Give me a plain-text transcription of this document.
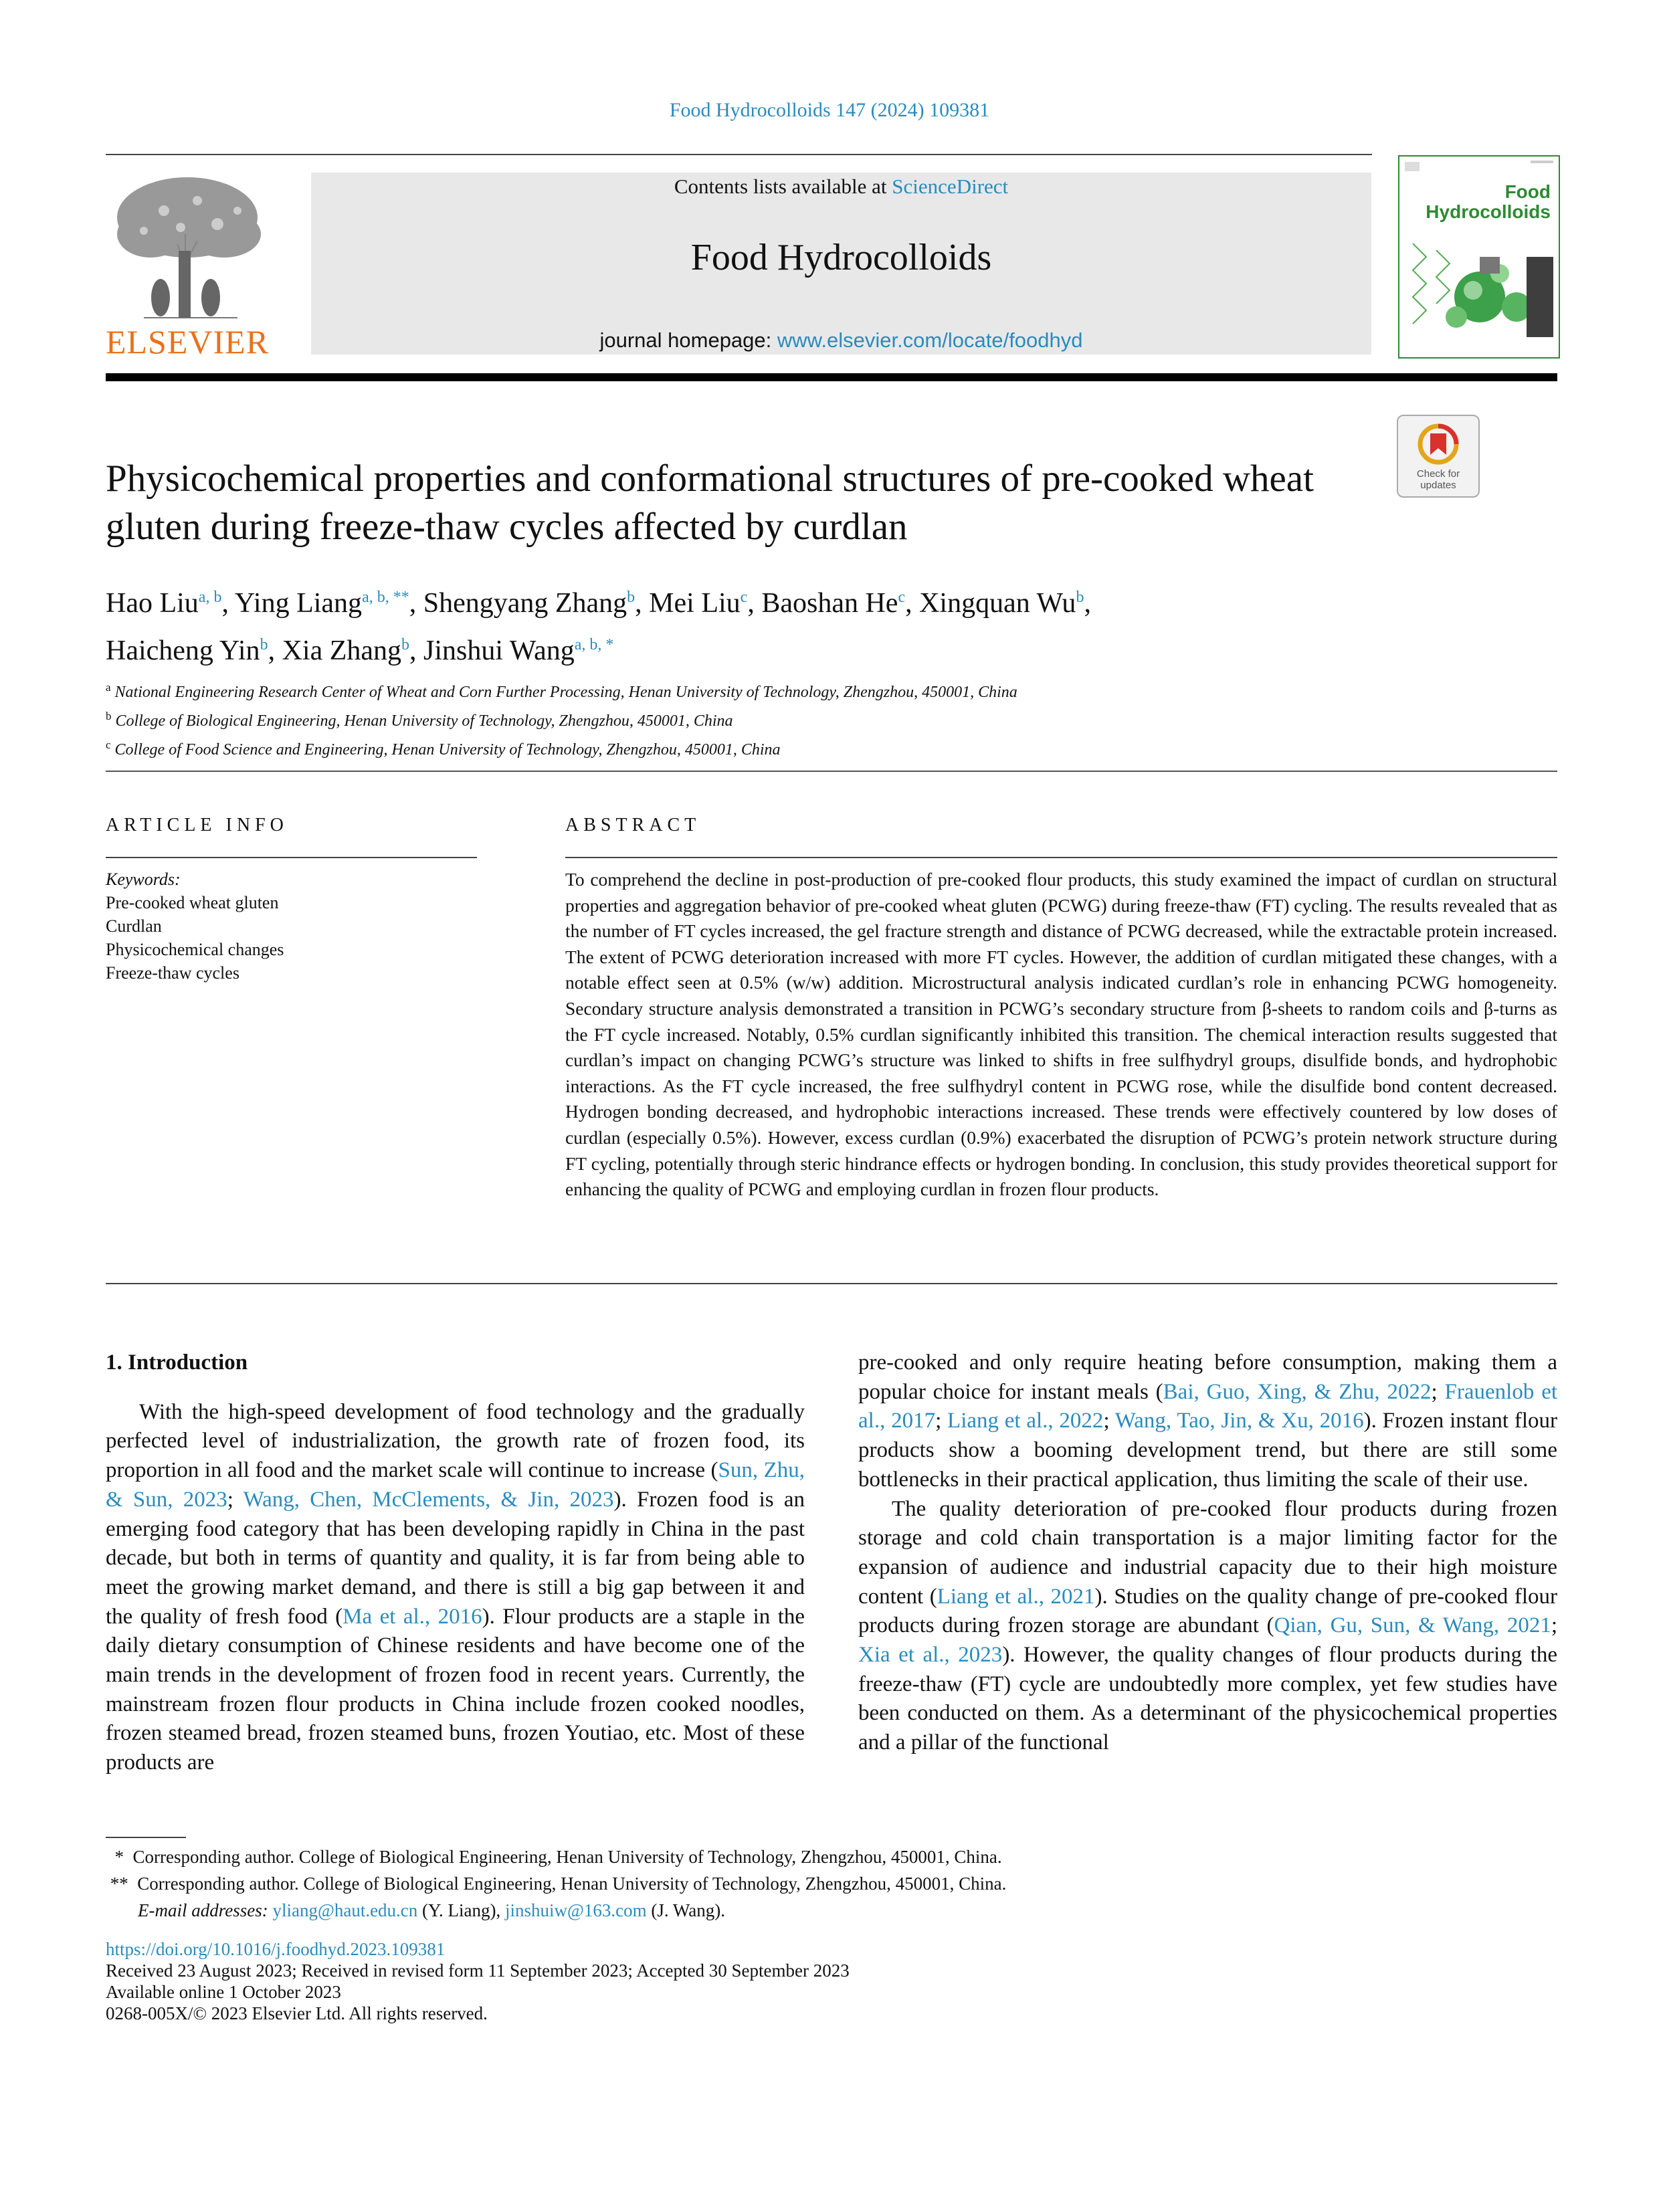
Food Hydrocolloids 147 (2024) 109381
ELSEVIER
Contents lists available at ScienceDirect
Food Hydrocolloids
journal homepage: www.elsevier.com/locate/foodhyd
Food
Hydrocolloids
Check for
updates
Physicochemical properties and conformational structures of pre-cooked wheat gluten during freeze-thaw cycles affected by curdlan
Hao Liu$^{a, b}$, Ying Liang$^{a, b, **}$, Shengyang Zhang$^b$, Mei Liu$^c$, Baoshan He$^c$, Xingquan Wu$^b$,
Haicheng Yin$^b$, Xia Zhang$^b$, Jinshui Wang$^{a, b, *}$
$^a$ National Engineering Research Center of Wheat and Corn Further Processing, Henan University of Technology, Zhengzhou, 450001, China
$^b$ College of Biological Engineering, Henan University of Technology, Zhengzhou, 450001, China
$^c$ College of Food Science and Engineering, Henan University of Technology, Zhengzhou, 450001, China
ARTICLE INFO
Keywords:
Pre-cooked wheat gluten
Curdlan
Physicochemical changes
Freeze-thaw cycles
ABSTRACT
To comprehend the decline in post-production of pre-cooked flour products, this study examined the impact of curdlan on structural properties and aggregation behavior of pre-cooked wheat gluten (PCWG) during freeze-thaw (FT) cycling. The results revealed that as the number of FT cycles increased, the gel fracture strength and distance of PCWG decreased, while the extractable protein increased. The extent of PCWG deterioration increased with more FT cycles. However, the addition of curdlan mitigated these changes, with a notable effect seen at 0.5% (w/w) addition. Microstructural analysis indicated curdlan’s role in enhancing PCWG homogeneity. Secondary structure analysis demonstrated a transition in PCWG’s secondary structure from β-sheets to random coils and β-turns as the FT cycle increased. Notably, 0.5% curdlan significantly inhibited this transition. The chemical interaction results suggested that curdlan’s impact on changing PCWG’s structure was linked to shifts in free sulfhydryl groups, disulfide bonds, and hydrophobic interactions. As the FT cycle increased, the free sulfhydryl content in PCWG rose, while the disulfide bond content decreased. Hydrogen bonding decreased, and hydrophobic interactions increased. These trends were effectively countered by low doses of curdlan (especially 0.5%). However, excess curdlan (0.9%) exacerbated the disruption of PCWG’s protein network structure during FT cycling, potentially through steric hindrance effects or hydrogen bonding. In conclusion, this study provides theoretical support for enhancing the quality of PCWG and employing curdlan in frozen flour products.
1. Introduction

With the high-speed development of food technology and the gradually perfected level of industrialization, the growth rate of frozen food, its proportion in all food and the market scale will continue to increase (Sun, Zhu, & Sun, 2023; Wang, Chen, McClements, & Jin, 2023). Frozen food is an emerging food category that has been developing rapidly in China in the past decade, but both in terms of quantity and quality, it is far from being able to meet the growing market demand, and there is still a big gap between it and the quality of fresh food (Ma et al., 2016). Flour products are a staple in the daily dietary consumption of Chinese residents and have become one of the main trends in the development of frozen food in recent years. Currently, the mainstream frozen flour products in China include frozen cooked noodles, frozen steamed bread, frozen steamed buns, frozen Youtiao, etc. Most of these products are

pre-cooked and only require heating before consumption, making them a popular choice for instant meals (Bai, Guo, Xing, & Zhu, 2022; Frauenlob et al., 2017; Liang et al., 2022; Wang, Tao, Jin, & Xu, 2016). Frozen instant flour products show a booming development trend, but there are still some bottlenecks in their practical application, thus limiting the scale of their use.

The quality deterioration of pre-cooked flour products during frozen storage and cold chain transportation is a major limiting factor for the expansion of audience and industrial capacity due to their high moisture content (Liang et al., 2021). Studies on the quality change of pre-cooked flour products during frozen storage are abundant (Qian, Gu, Sun, & Wang, 2021; Xia et al., 2023). However, the quality changes of flour products during the freeze-thaw (FT) cycle are undoubtedly more complex, yet few studies have been conducted on them. As a determinant of the physicochemical properties and a pillar of the functional

* Corresponding author. College of Biological Engineering, Henan University of Technology, Zhengzhou, 450001, China.
** Corresponding author. College of Biological Engineering, Henan University of Technology, Zhengzhou, 450001, China.
E-mail addresses: yliang@haut.edu.cn (Y. Liang), jinshuiw@163.com (J. Wang).
https://doi.org/10.1016/j.foodhyd.2023.109381
Received 23 August 2023; Received in revised form 11 September 2023; Accepted 30 September 2023
Available online 1 October 2023
0268-005X/© 2023 Elsevier Ltd. All rights reserved.
